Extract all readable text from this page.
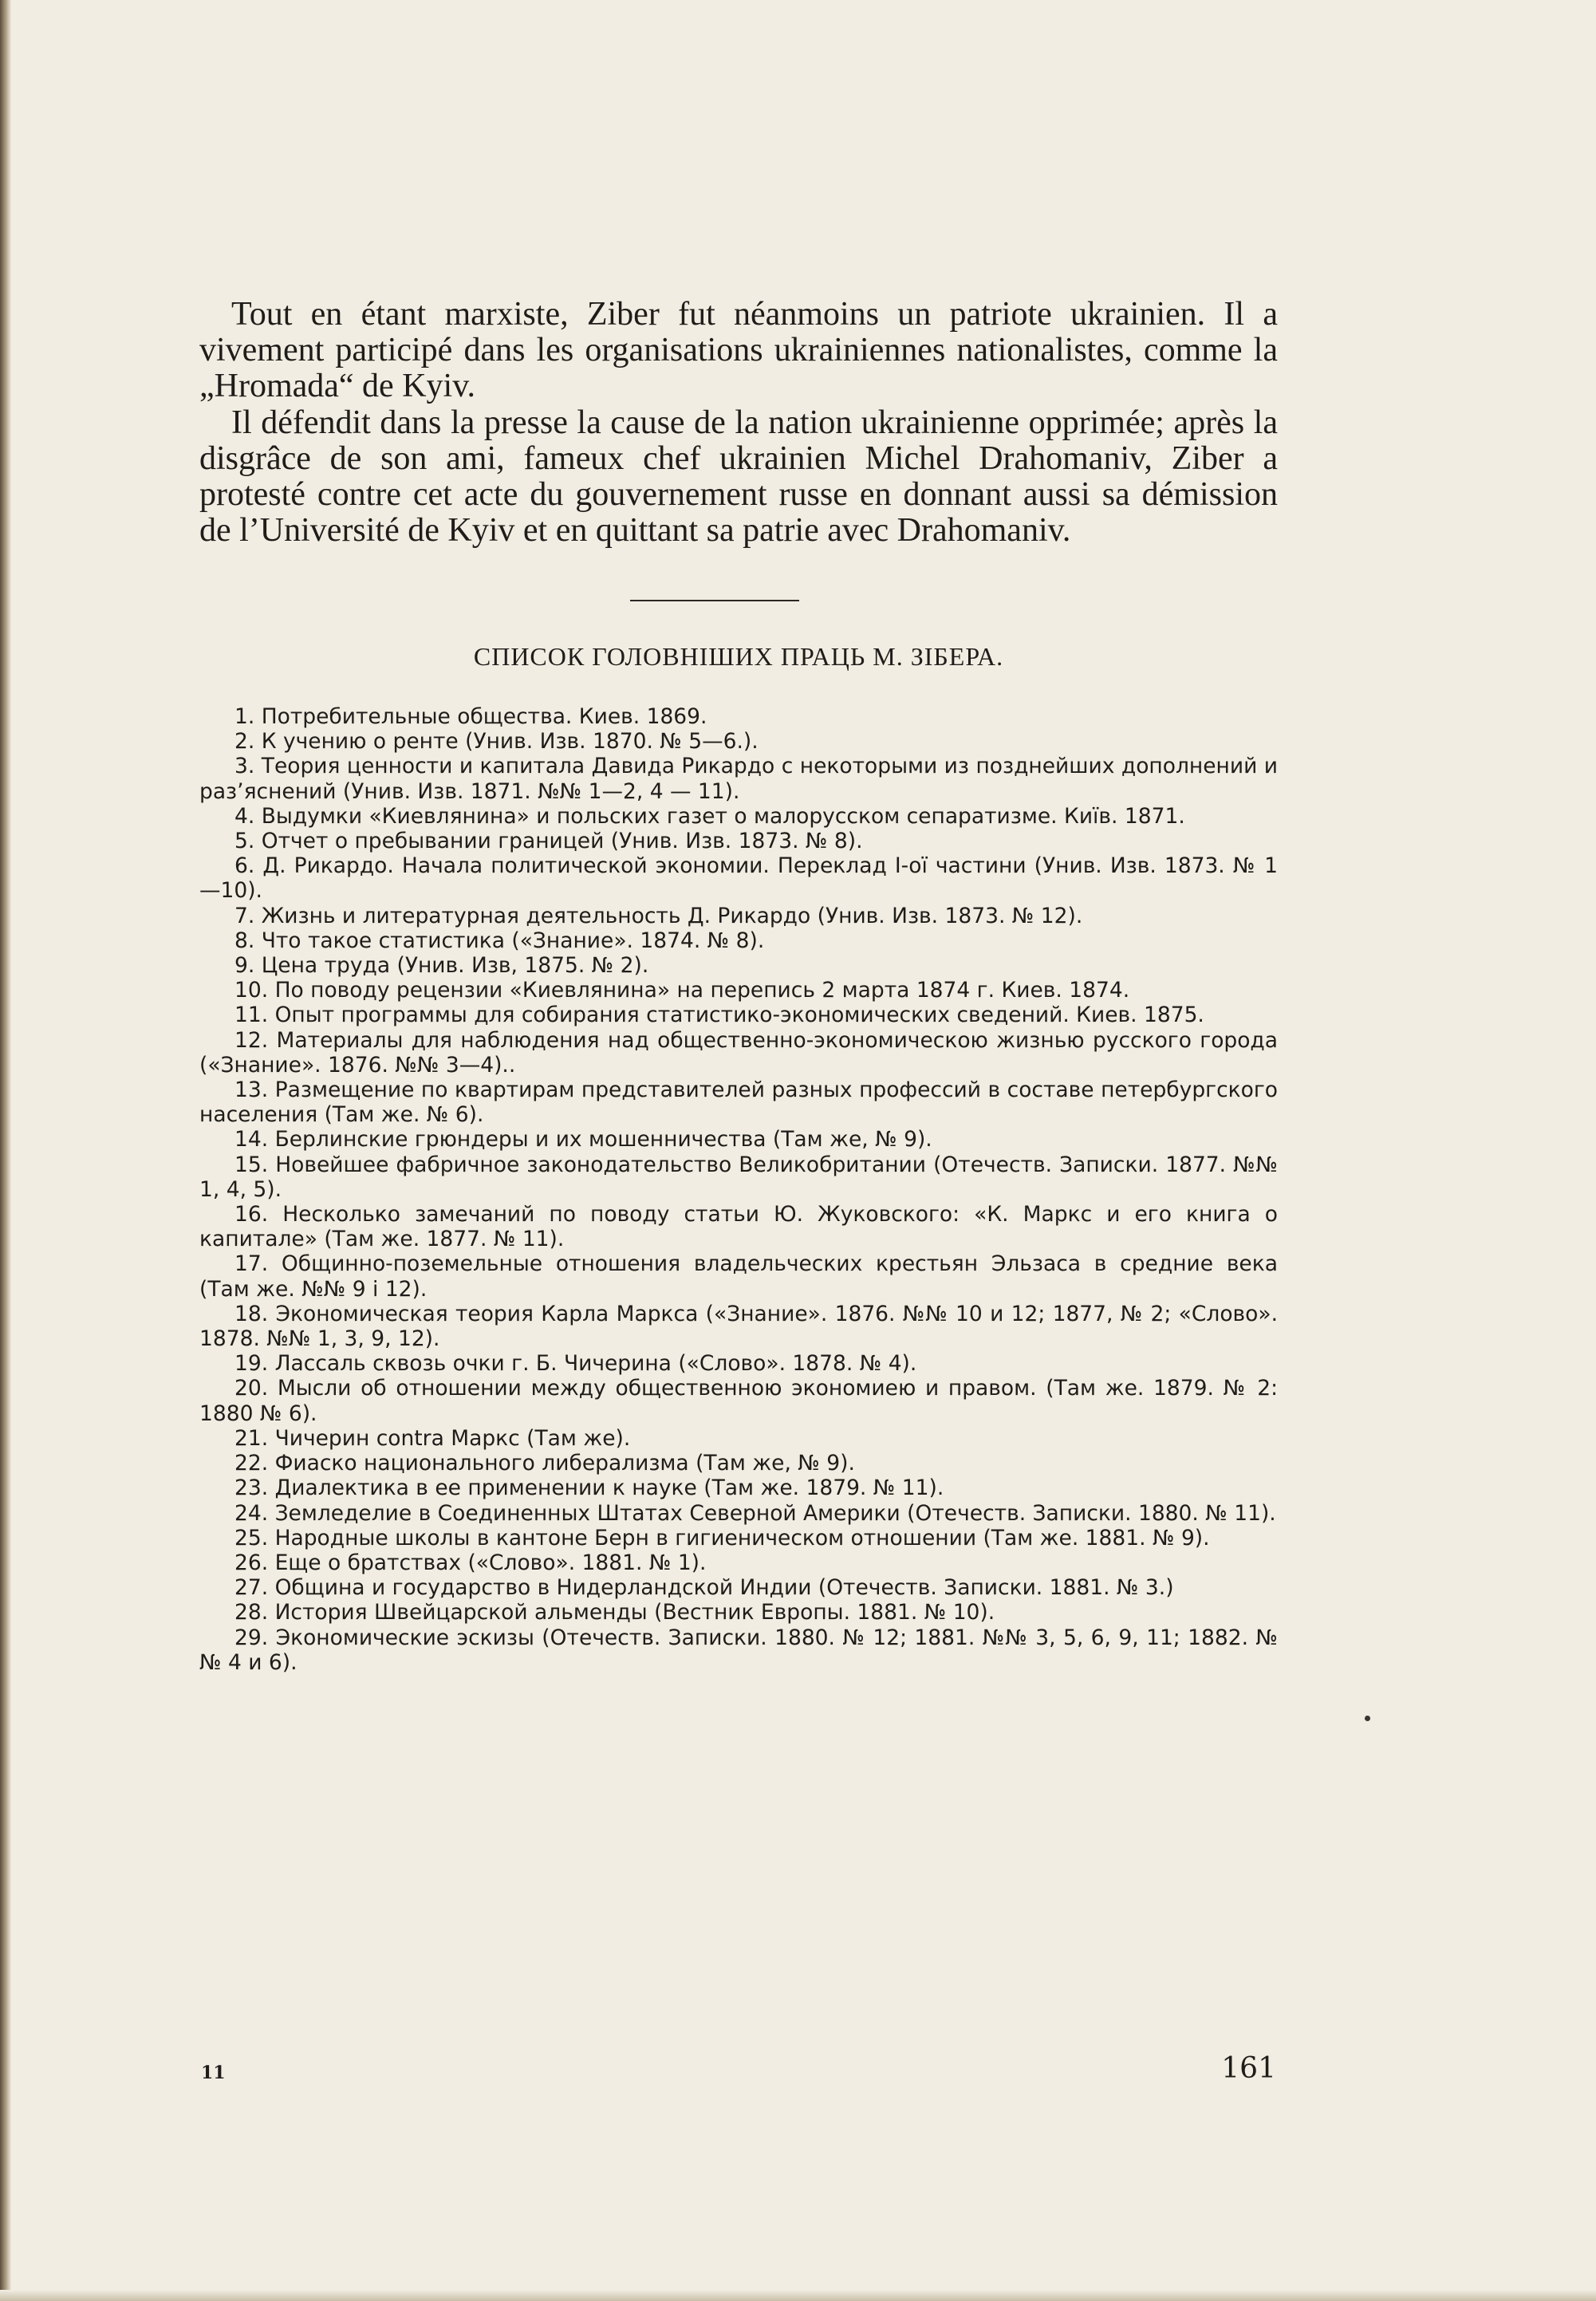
Tout en étant marxiste, Ziber fut néanmoins un patriote ukrainien. Il a vivement participé dans les organisations ukrainiennes nationalistes, comme la „Hromada“ de Kyiv.

Il défendit dans la presse la cause de la nation ukrainienne opprimée; après la disgrâce de son ami, fameux chef ukrainien Michel Drahomaniv, Ziber a protesté contre cet acte du gouvernement russe en donnant aussi sa démission de l’Université de Kyiv et en quittant sa patrie avec Drahomaniv.

СПИСОК ГОЛОВНІШИХ ПРАЦЬ М. ЗІБЕРА.
1. Потребительные общества. Киев. 1869.
2. К учению о ренте (Унив. Изв. 1870. № 5—6.).
3. Теория ценности и капитала Давида Рикардо с некоторыми из позднейших дополнений и раз’яснений (Унив. Изв. 1871. №№ 1—2, 4 — 11).
4. Выдумки «Киевлянина» и польских газет о малорусском сепаратизме. Київ. 1871.
5. Отчет о пребывании границей (Унив. Изв. 1873. № 8).
6. Д. Рикардо. Начала политической экономии. Переклад І-ої частини (Унив. Изв. 1873. № 1—10).
7. Жизнь и литературная деятельность Д. Рикардо (Унив. Изв. 1873. № 12).
8. Что такое статистика («Знание». 1874. № 8).
9. Цена труда (Унив. Изв, 1875. № 2).
10. По поводу рецензии «Киевлянина» на перепись 2 марта 1874 г. Киев. 1874.
11. Опыт программы для собирания статистико-экономических сведений. Киев. 1875.
12. Материалы для наблюдения над общественно-экономическою жизнью русского города («Знание». 1876. №№ 3—4)..
13. Размещение по квартирам представителей разных профессий в составе петербургского населения (Там же. № 6).
14. Берлинские грюндеры и их мошенничества (Там же, № 9).
15. Новейшее фабричное законодательство Великобритании (Отечеств. Записки. 1877. №№ 1, 4, 5).
16. Несколько замечаний по поводу статьи Ю. Жуковского: «К. Маркс и его книга о капитале» (Там же. 1877. № 11).
17. Общинно-поземельные отношения владельческих крестьян Эльзаса в средние века (Там же. №№ 9 і 12).
18. Экономическая теория Карла Маркса («Знание». 1876. №№ 10 и 12; 1877, № 2; «Слово». 1878. №№ 1, 3, 9, 12).
19. Лассаль сквозь очки г. Б. Чичерина («Слово». 1878. № 4).
20. Мысли об отношении между общественною экономиею и правом. (Там же. 1879. № 2: 1880 № 6).
21. Чичерин contra Маркс (Там же).
22. Фиаско национального либерализма (Там же, № 9).
23. Диалектика в ее применении к науке (Там же. 1879. № 11).
24. Земледелие в Соединенных Штатах Северной Америки (Отечеств. Записки. 1880. № 11).
25. Народные школы в кантоне Берн в гигиеническом отношении (Там же. 1881. № 9).
26. Еще о братствах («Слово». 1881. № 1).
27. Община и государство в Нидерландской Индии (Отечеств. Записки. 1881. № 3.)
28. История Швейцарской альменды (Вестник Европы. 1881. № 10).
29. Экономические эскизы (Отечеств. Записки. 1880. № 12; 1881. №№ 3, 5, 6, 9, 11; 1882. №№ 4 и 6).
11	161
